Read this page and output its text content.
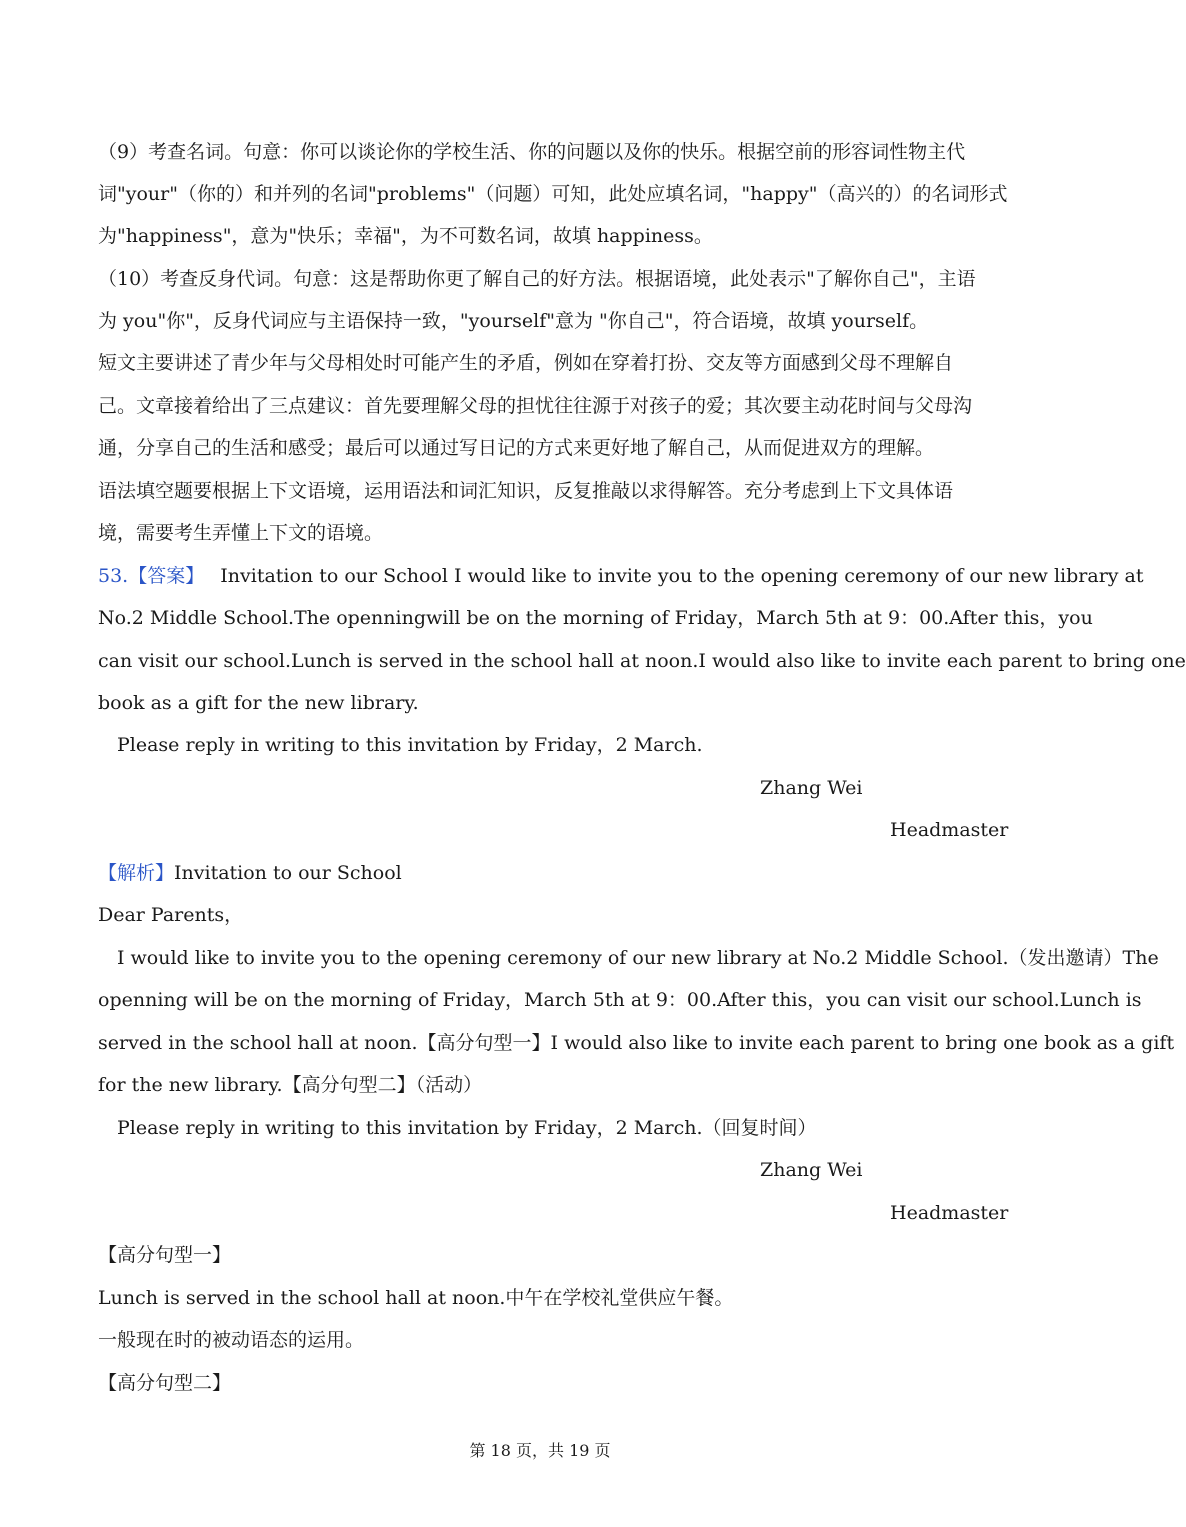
（9）考查名词。句意：你可以谈论你的学校生活、你的问题以及你的快乐。根据空前的形容词性物主代
词"your"（你的）和并列的名词"problems"（问题）可知，此处应填名词，"happy"（高兴的）的名词形式
为"happiness"，意为"快乐；幸福"，为不可数名词，故填 happiness。
（10）考查反身代词。句意：这是帮助你更了解自己的好方法。根据语境，此处表示"了解你自己"，主语
为 you"你"，反身代词应与主语保持一致，"yourself"意为 "你自己"，符合语境，故填 yourself。
短文主要讲述了青少年与父母相处时可能产生的矛盾，例如在穿着打扮、交友等方面感到父母不理解自
己。文章接着给出了三点建议：首先要理解父母的担忧往往源于对孩子的爱；其次要主动花时间与父母沟
通，分享自己的生活和感受；最后可以通过写日记的方式来更好地了解自己，从而促进双方的理解。
语法填空题要根据上下文语境，运用语法和词汇知识，反复推敲以求得解答。充分考虑到上下文具体语
境，需要考生弄懂上下文的语境。
53.【答案】 Invitation to our School I would like to invite you to the opening ceremony of our new library at
No.2 Middle School.The openningwill be on the morning of Friday，March 5th at 9：00.After this，you
can visit our school.Lunch is served in the school hall at noon.I would also like to invite each parent to bring one
book as a gift for the new library.
Please reply in writing to this invitation by Friday，2 March.
Zhang Wei
Headmaster
【解析】Invitation to our School
Dear Parents，
I would like to invite you to the opening ceremony of our new library at No.2 Middle School.（发出邀请）The
openning will be on the morning of Friday，March 5th at 9：00.After this，you can visit our school.Lunch is
served in the school hall at noon.【高分句型一】I would also like to invite each parent to bring one book as a gift
for the new library.【高分句型二】（活动）
Please reply in writing to this invitation by Friday，2 March.（回复时间）
Zhang Wei
Headmaster
【高分句型一】
Lunch is served in the school hall at noon.中午在学校礼堂供应午餐。
一般现在时的被动语态的运用。
【高分句型二】
第 18 页，共 19 页
